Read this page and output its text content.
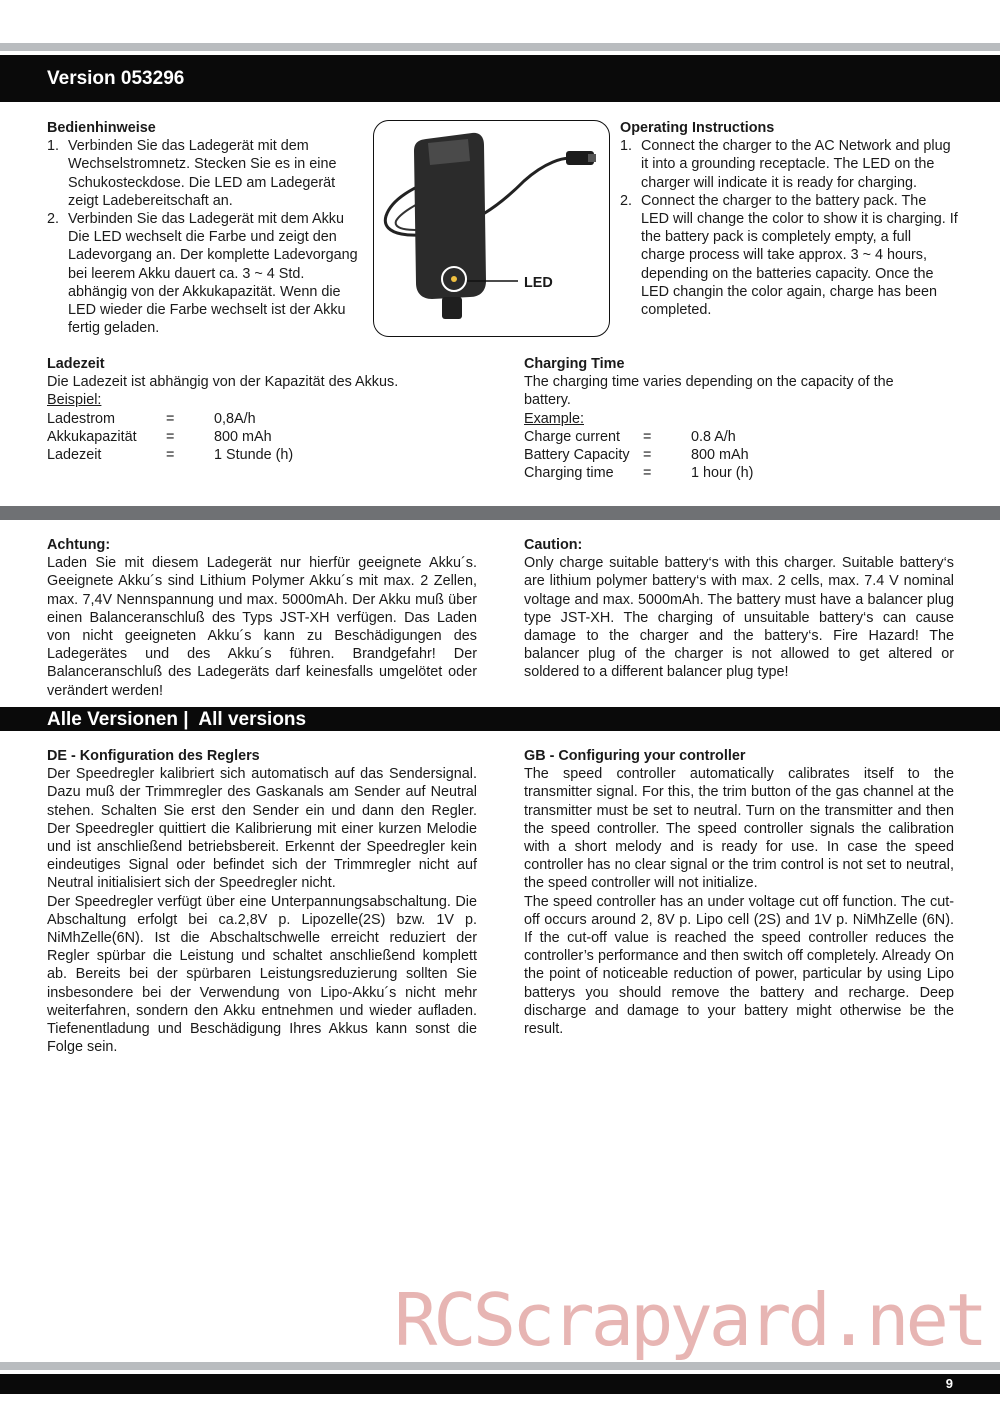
Version 053296

Bedienhinweise

1. Verbinden Sie das Ladegerät mit dem Wechselstromnetz. Stecken Sie es in eine Schukosteckdose. Die LED am Ladegerät zeigt Ladebereitschaft an.
2. Verbinden Sie das Ladegerät mit dem Akku Die LED wechselt die Farbe und zeigt den Ladevorgang an. Der komplette Ladevorgang bei leerem Akku dauert ca. 3 ~ 4 Std. abhängig von der Akkukapazität. Wenn die LED wieder die Farbe wechselt ist der Akku fertig geladen.
LED

Operating Instructions

1. Connect the charger to the AC Network and plug it into a grounding receptacle. The LED on the charger will indicate it is ready for charging.
2. Connect the charger to the battery pack. The LED will change the color to show it is charging. If the battery pack is completely empty, a full charge process will take approx. 3 ~ 4 hours, depending on the batteries capacity. Once the LED changin the color again, charge has been completed.

Ladezeit

Die Ladezeit ist abhängig von der Kapazität des Akkus.

Beispiel:

Ladestrom	=	0,8A/h
Akkukapazität	=	800 mAh
Ladezeit	=	1 Stunde (h)

Charging Time

The charging time varies depending on the capacity of the battery.

Example:

Charge current	=	0.8 A/h
Battery Capacity	=	800 mAh
Charging time	=	1 hour (h)

Achtung:

Laden Sie mit diesem Ladegerät nur hierfür geeignete Akku´s. Geeignete Akku´s sind Lithium Polymer Akku´s mit max. 2 Zellen, max. 7,4V Nennspannung und max. 5000mAh. Der Akku muß über einen Balanceranschluß des Typs JST-XH verfügen. Das Laden von nicht geeigneten Akku´s kann zu Beschädigungen des Ladegerätes und des Akku´s führen. Brandgefahr! Der Balanceranschluß des Ladegeräts darf keinesfalls umgelötet oder verändert werden!

Caution:

Only charge suitable battery‘s with this charger. Suitable battery‘s are lithium polymer battery‘s with max. 2 cells, max. 7.4 V nominal voltage and max. 5000mAh. The battery must have a balancer plug type JST-XH. The charging of unsuitable battery‘s can cause damage to the charger and the battery‘s. Fire Hazard! The balancer plug of the charger is not allowed to get altered or soldered to a different balancer plug type!

Alle Versionen |  All versions

DE - Konfiguration des Reglers

Der Speedregler kalibriert sich automatisch auf das Sendersignal. Dazu muß der Trimmregler des Gaskanals am Sender auf Neutral stehen. Schalten Sie erst den Sender ein und dann den Regler. Der Speedregler quittiert die Kalibrierung mit einer kurzen Melodie und ist anschließend betriebsbereit. Erkennt der Speedregler kein eindeutiges Signal oder befindet sich der Trimmregler nicht auf Neutral initialisiert sich der Speedregler nicht.

Der Speedregler verfügt über eine Unterpannungsabschaltung. Die Abschaltung erfolgt bei ca.2,8V p. Lipozelle(2S) bzw. 1V p. NiMhZelle(6N). Ist die Abschaltschwelle erreicht reduziert der Regler spürbar die Leistung und schaltet anschließend komplett ab. Bereits bei der spürbaren Leistungsreduzierung sollten Sie insbesondere bei der Verwendung von Lipo-Akku´s nicht mehr weiterfahren, sondern den Akku entnehmen und wieder aufladen. Tiefenentladung und Beschädigung Ihres Akkus kann sonst die Folge sein.

GB - Configuring your controller

The speed controller automatically calibrates itself to the transmitter signal. For this, the trim button of the gas channel at the transmitter must be set to neutral. Turn on the transmitter and then the speed controller. The speed controller signals the calibration with a short melody and is ready for use. In case the speed controller has no clear signal or the trim control is not set to neutral, the speed controller will not initialize.

The speed controller has an under voltage cut off function. The cut-off occurs around 2, 8V p. Lipo cell (2S) and 1V p. NiMhZelle (6N). If the cut-off value is reached the speed controller reduces the controller’s performance and then switch off completely. Already On the point of noticeable reduction of power, particular by using Lipo batterys you should remove the battery and recharge. Deep discharge and damage to your battery might otherwise be the result.

RCScrapyard.net
9
